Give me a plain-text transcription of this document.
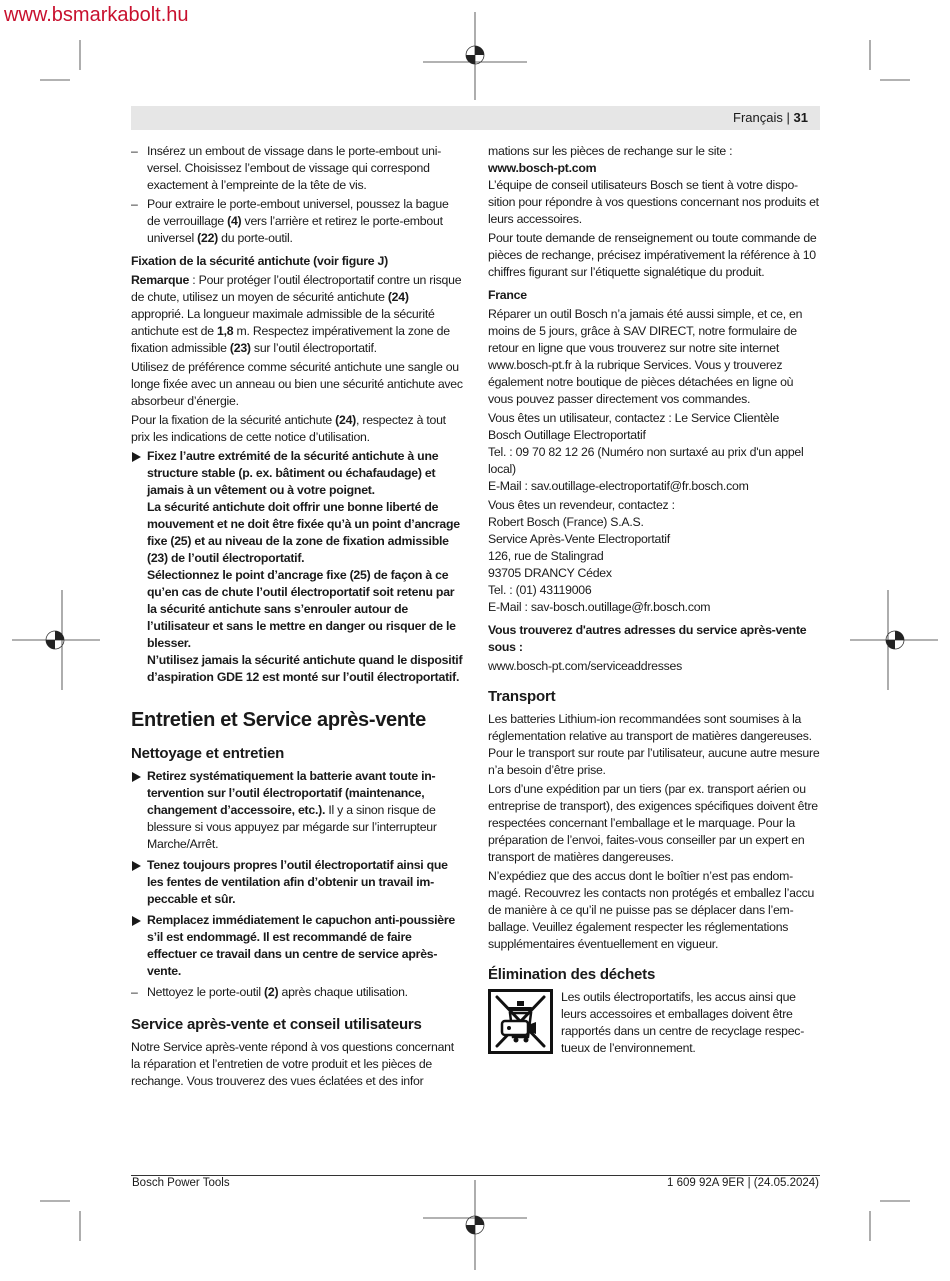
www.bsmarkabolt.hu
Français | 31
– Insérez un embout de vissage dans le porte-embout universel. Choisissez l’embout de vissage qui correspond exactement à l’empreinte de la tête de vis.
– Pour extraire le porte-embout universel, poussez la bague de verrouillage (4) vers l’arrière et retirez le porte-embout universel (22) du porte-outil.

Fixation de la sécurité antichute (voir figure J)

Remarque : Pour protéger l’outil électroportatif contre un risque de chute, utilisez un moyen de sécurité antichute (24) approprié. La longueur maximale admissible de la sécurité antichute est de 1,8 m. Respectez impérativement la zone de fixation admissible (23) sur l’outil électroportatif.

Utilisez de préférence comme sécurité antichute une sangle ou longe fixée avec un anneau ou bien une sécurité antichute avec absorbeur d’énergie.

Pour la fixation de la sécurité antichute (24), respectez à tout prix les indications de cette notice d’utilisation.

Fixez l’autre extrémité de la sécurité antichute à une structure stable (p. ex. bâtiment ou échafaudage) et jamais à un vêtement ou à votre poignet.
La sécurité antichute doit offrir une bonne liberté de mouvement et ne doit être fixée qu’à un point d’ancrage fixe (25) et au niveau de la zone de fixation admissible (23) de l’outil électroportatif.
Sélectionnez le point d’ancrage fixe (25) de façon à ce qu’en cas de chute l’outil électroportatif soit retenu par la sécurité antichute sans s’enrouler autour de l’utilisateur et sans le mettre en danger ou risquer de le blesser.
N’utilisez jamais la sécurité antichute quand le dispositif d’aspiration GDE 12 est monté sur l’outil électroportatif.
Entretien et Service après-vente
Nettoyage et entretien
Retirez systématiquement la batterie avant toute intervention sur l’outil électroportatif (maintenance, changement d’accessoire, etc.). Il y a sinon risque de blessure si vous appuyez par mégarde sur l’interrupteur Marche/Arrêt.
Tenez toujours propres l’outil électroportatif ainsi que les fentes de ventilation afin d’obtenir un travail impeccable et sûr.
Remplacez immédiatement le capuchon anti-poussière s’il est endommagé. Il est recommandé de faire effectuer ce travail dans un centre de service après-vente.
– Nettoyez le porte-outil (2) après chaque utilisation.
Service après-vente et conseil utilisateurs

Notre Service après-vente répond à vos questions concernant la réparation et l’entretien de votre produit et les pièces de rechange. Vous trouverez des vues éclatées et des infor

mations sur les pièces de rechange sur le site :

www.bosch-pt.com

L’équipe de conseil utilisateurs Bosch se tient à votre disposition pour répondre à vos questions concernant nos produits et leurs accessoires.

Pour toute demande de renseignement ou toute commande de pièces de rechange, précisez impérativement la référence à 10 chiffres figurant sur l’étiquette signalétique du produit.

France

Réparer un outil Bosch n’a jamais été aussi simple, et ce, en moins de 5 jours, grâce à SAV DIRECT, notre formulaire de retour en ligne que vous trouverez sur notre site internet www.bosch-pt.fr à la rubrique Services. Vous y trouverez également notre boutique de pièces détachées en ligne où vous pouvez passer directement vos commandes.

Vous êtes un utilisateur, contactez : Le Service Clientèle

Bosch Outillage Electroportatif

Tel. : 09 70 82 12 26 (Numéro non surtaxé au prix d'un appel local)

E-Mail : sav.outillage-electroportatif@fr.bosch.com

Vous êtes un revendeur, contactez :

Robert Bosch (France) S.A.S.

Service Après-Vente Electroportatif

126, rue de Stalingrad

93705 DRANCY Cédex

Tel. : (01) 43119006

E-Mail : sav-bosch.outillage@fr.bosch.com

Vous trouverez d'autres adresses du service après-vente sous :

www.bosch-pt.com/serviceaddresses

Transport

Les batteries Lithium-ion recommandées sont soumises à la réglementation relative au transport de matières dangereuses. Pour le transport sur route par l’utilisateur, aucune autre mesure n’a besoin d’être prise.

Lors d’une expédition par un tiers (par ex. transport aérien ou entreprise de transport), des exigences spécifiques doivent être respectées concernant l’emballage et le marquage. Pour la préparation de l’envoi, faites-vous conseiller par un expert en transport de matières dangereuses.

N’expédiez que des accus dont le boîtier n’est pas endommagé. Recouvrez les contacts non protégés et emballez l’accu de manière à ce qu’il ne puisse pas se déplacer dans l’emballage. Veuillez également respecter les réglementations supplémentaires éventuellement en vigueur.

Élimination des déchets

Les outils électroportatifs, les accus ainsi que leurs accessoires et emballages doivent être rapportés dans un centre de recyclage respectueux de l’environnement.

Bosch Power Tools	1 609 92A 9ER | (24.05.2024)
